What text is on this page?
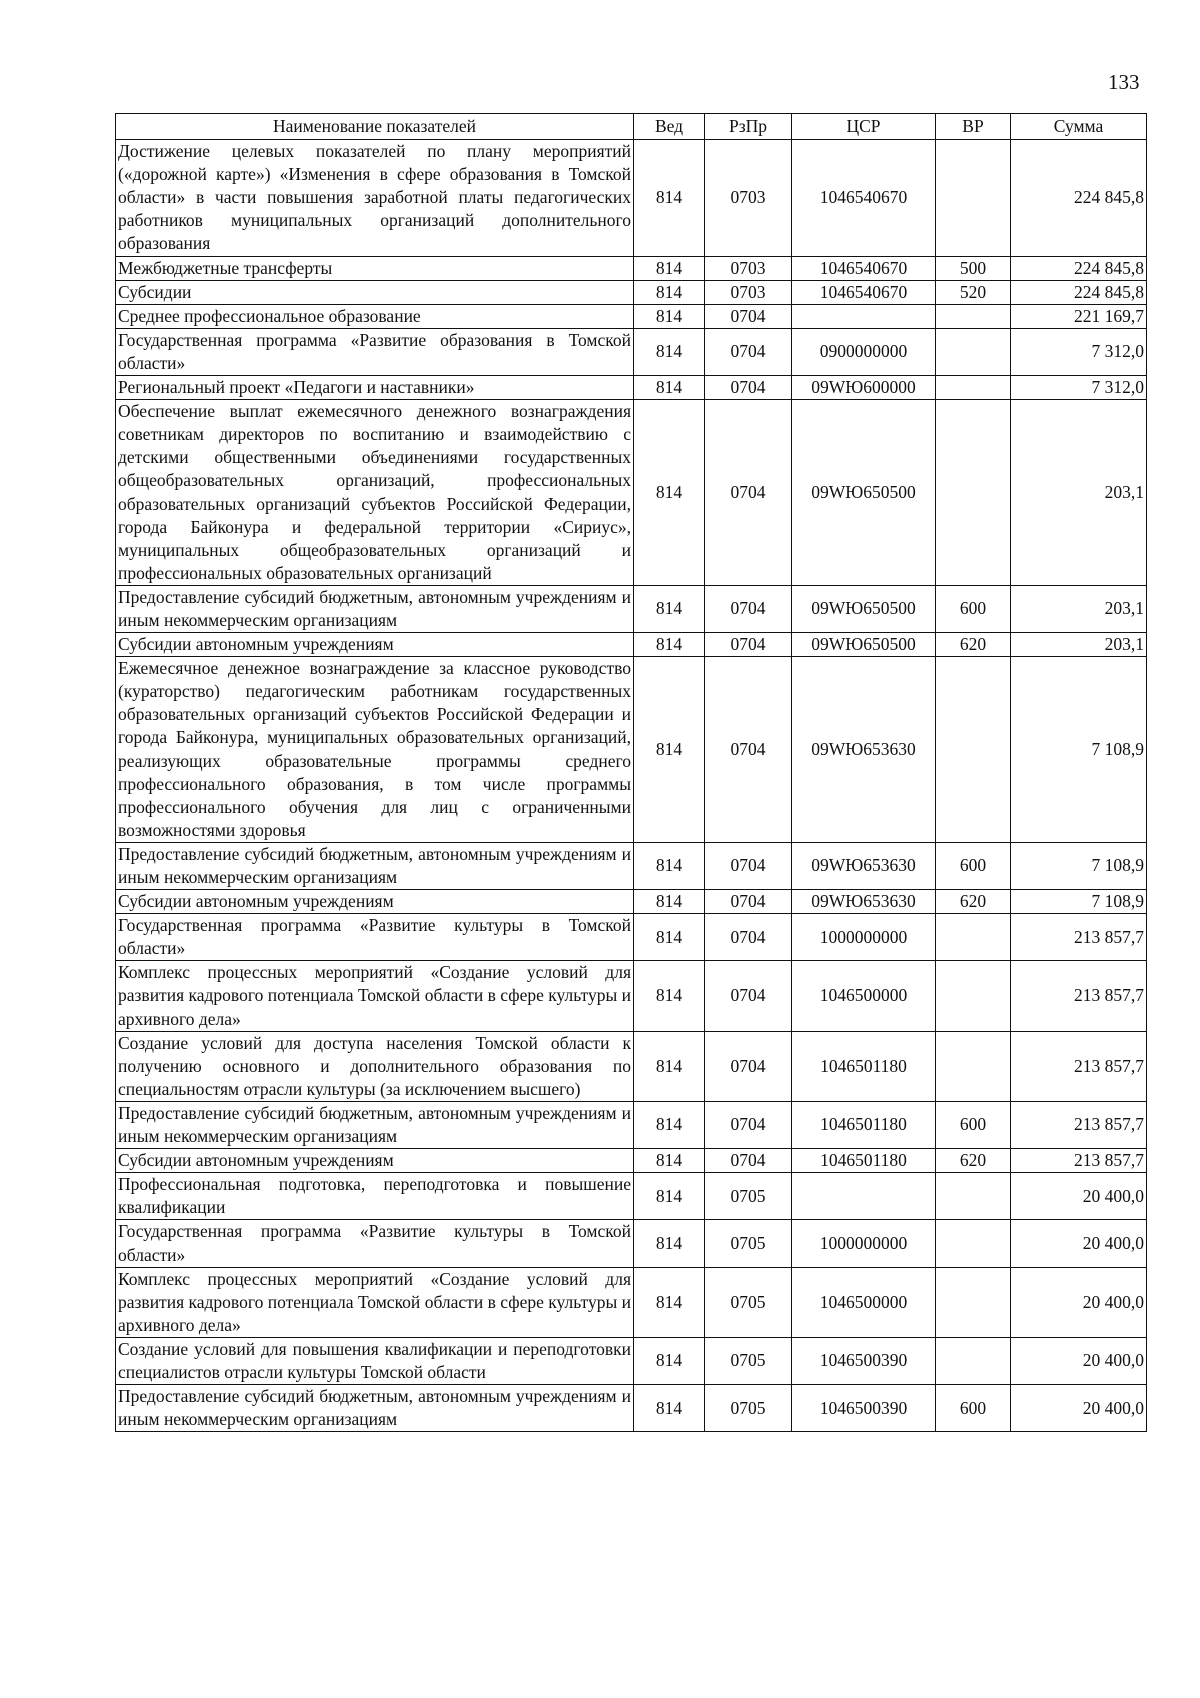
133
Наименование показателей	Вед	РзПр	ЦСР	ВР	Сумма
Достижение целевых показателей по плану мероприятий («дорожной карте») «Изменения в сфере образования в Томской области» в части повышения заработной платы педагогических работников муниципальных организаций дополнительного образования	814	0703	1046540670		224 845,8
Межбюджетные трансферты	814	0703	1046540670	500	224 845,8
Субсидии	814	0703	1046540670	520	224 845,8
Среднее профессиональное образование	814	0704			221 169,7
Государственная программа «Развитие образования в Томской области»	814	0704	0900000000		7 312,0
Региональный проект «Педагоги и наставники»	814	0704	09WЮ600000		7 312,0
Обеспечение выплат ежемесячного денежного вознаграждения советникам директоров по воспитанию и взаимодействию с детскими общественными объединениями государственных общеобразовательных организаций, профессиональных образовательных организаций субъектов Российской Федерации, города Байконура и федеральной территории «Сириус», муниципальных общеобразовательных организаций и профессиональных образовательных организаций	814	0704	09WЮ650500		203,1
Предоставление субсидий бюджетным, автономным учреждениям и иным некоммерческим организациям	814	0704	09WЮ650500	600	203,1
Субсидии автономным учреждениям	814	0704	09WЮ650500	620	203,1
Ежемесячное денежное вознаграждение за классное руководство (кураторство) педагогическим работникам государственных образовательных организаций субъектов Российской Федерации и города Байконура, муниципальных образовательных организаций, реализующих образовательные программы среднего профессионального образования, в том числе программы профессионального обучения для лиц с ограниченными возможностями здоровья	814	0704	09WЮ653630		7 108,9
Предоставление субсидий бюджетным, автономным учреждениям и иным некоммерческим организациям	814	0704	09WЮ653630	600	7 108,9
Субсидии автономным учреждениям	814	0704	09WЮ653630	620	7 108,9
Государственная программа «Развитие культуры в Томской области»	814	0704	1000000000		213 857,7
Комплекс процессных мероприятий «Создание условий для развития кадрового потенциала Томской области в сфере культуры и архивного дела»	814	0704	1046500000		213 857,7
Создание условий для доступа населения Томской области к получению основного и дополнительного образования по специальностям отрасли культуры (за исключением высшего)	814	0704	1046501180		213 857,7
Предоставление субсидий бюджетным, автономным учреждениям и иным некоммерческим организациям	814	0704	1046501180	600	213 857,7
Субсидии автономным учреждениям	814	0704	1046501180	620	213 857,7
Профессиональная подготовка, переподготовка и повышение квалификации	814	0705			20 400,0
Государственная программа «Развитие культуры в Томской области»	814	0705	1000000000		20 400,0
Комплекс процессных мероприятий «Создание условий для развития кадрового потенциала Томской области в сфере культуры и архивного дела»	814	0705	1046500000		20 400,0
Создание условий для повышения квалификации и переподготовки специалистов отрасли культуры Томской области	814	0705	1046500390		20 400,0
Предоставление субсидий бюджетным, автономным учреждениям и иным некоммерческим организациям	814	0705	1046500390	600	20 400,0
